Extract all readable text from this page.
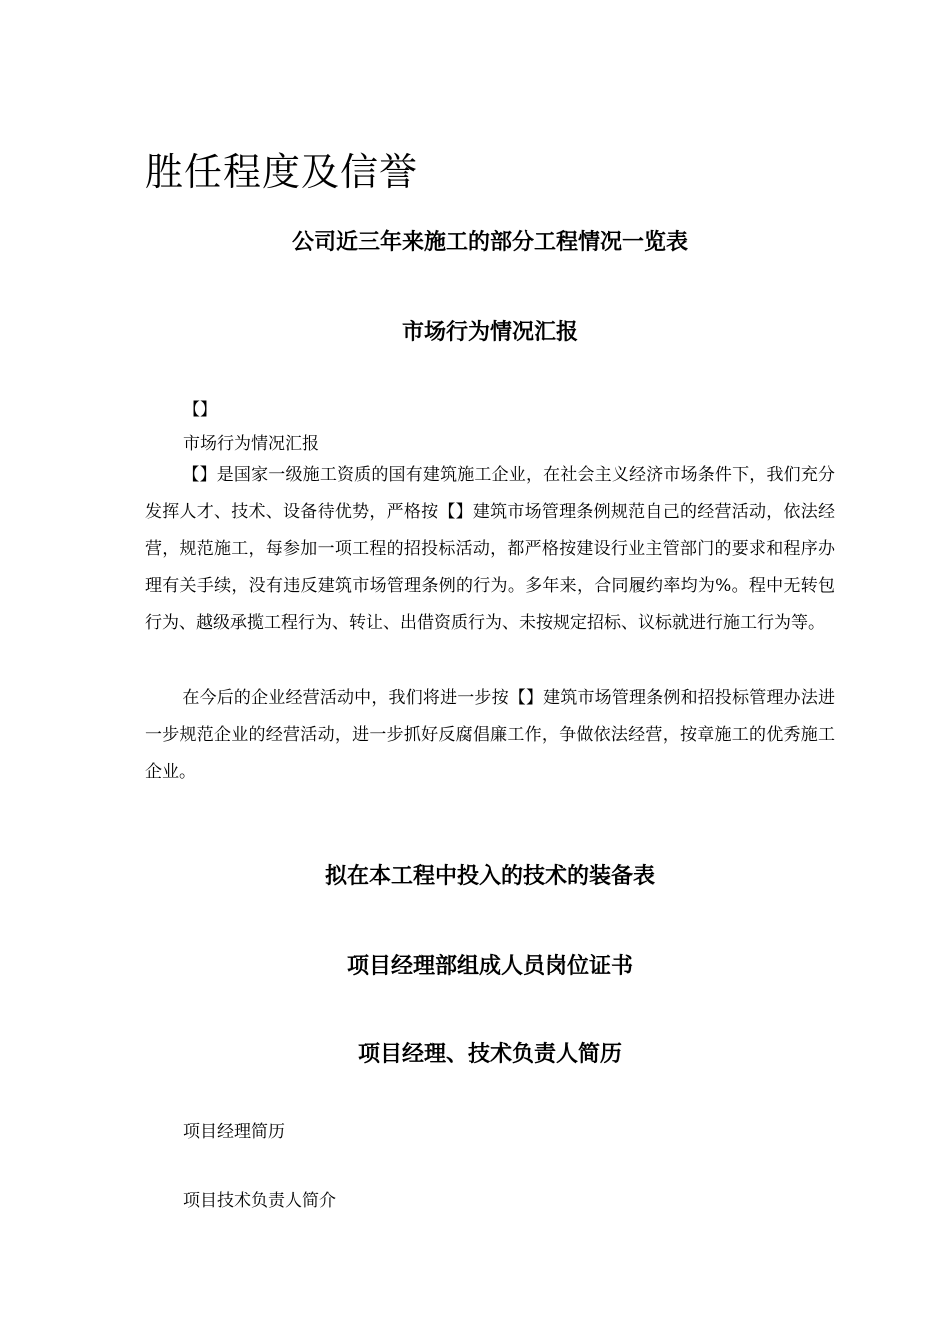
胜任程度及信誉
公司近三年来施工的部分工程情况一览表
市场行为情况汇报

【】

市场行为情况汇报

【】是国家一级施工资质的国有建筑施工企业，在社会主义经济市场条件下，我们充分发挥人才、技术、设备待优势，严格按【】建筑市场管理条例规范自己的经营活动，依法经营，规范施工，每参加一项工程的招投标活动，都严格按建设行业主管部门的要求和程序办理有关手续，没有违反建筑市场管理条例的行为。多年来，合同履约率均为%。程中无转包行为、越级承揽工程行为、转让、出借资质行为、未按规定招标、议标就进行施工行为等。

在今后的企业经营活动中，我们将进一步按【】建筑市场管理条例和招投标管理办法进一步规范企业的经营活动，进一步抓好反腐倡廉工作，争做依法经营，按章施工的优秀施工企业。

拟在本工程中投入的技术的装备表
项目经理部组成人员岗位证书
项目经理、技术负责人简历

项目经理简历

项目技术负责人简介
